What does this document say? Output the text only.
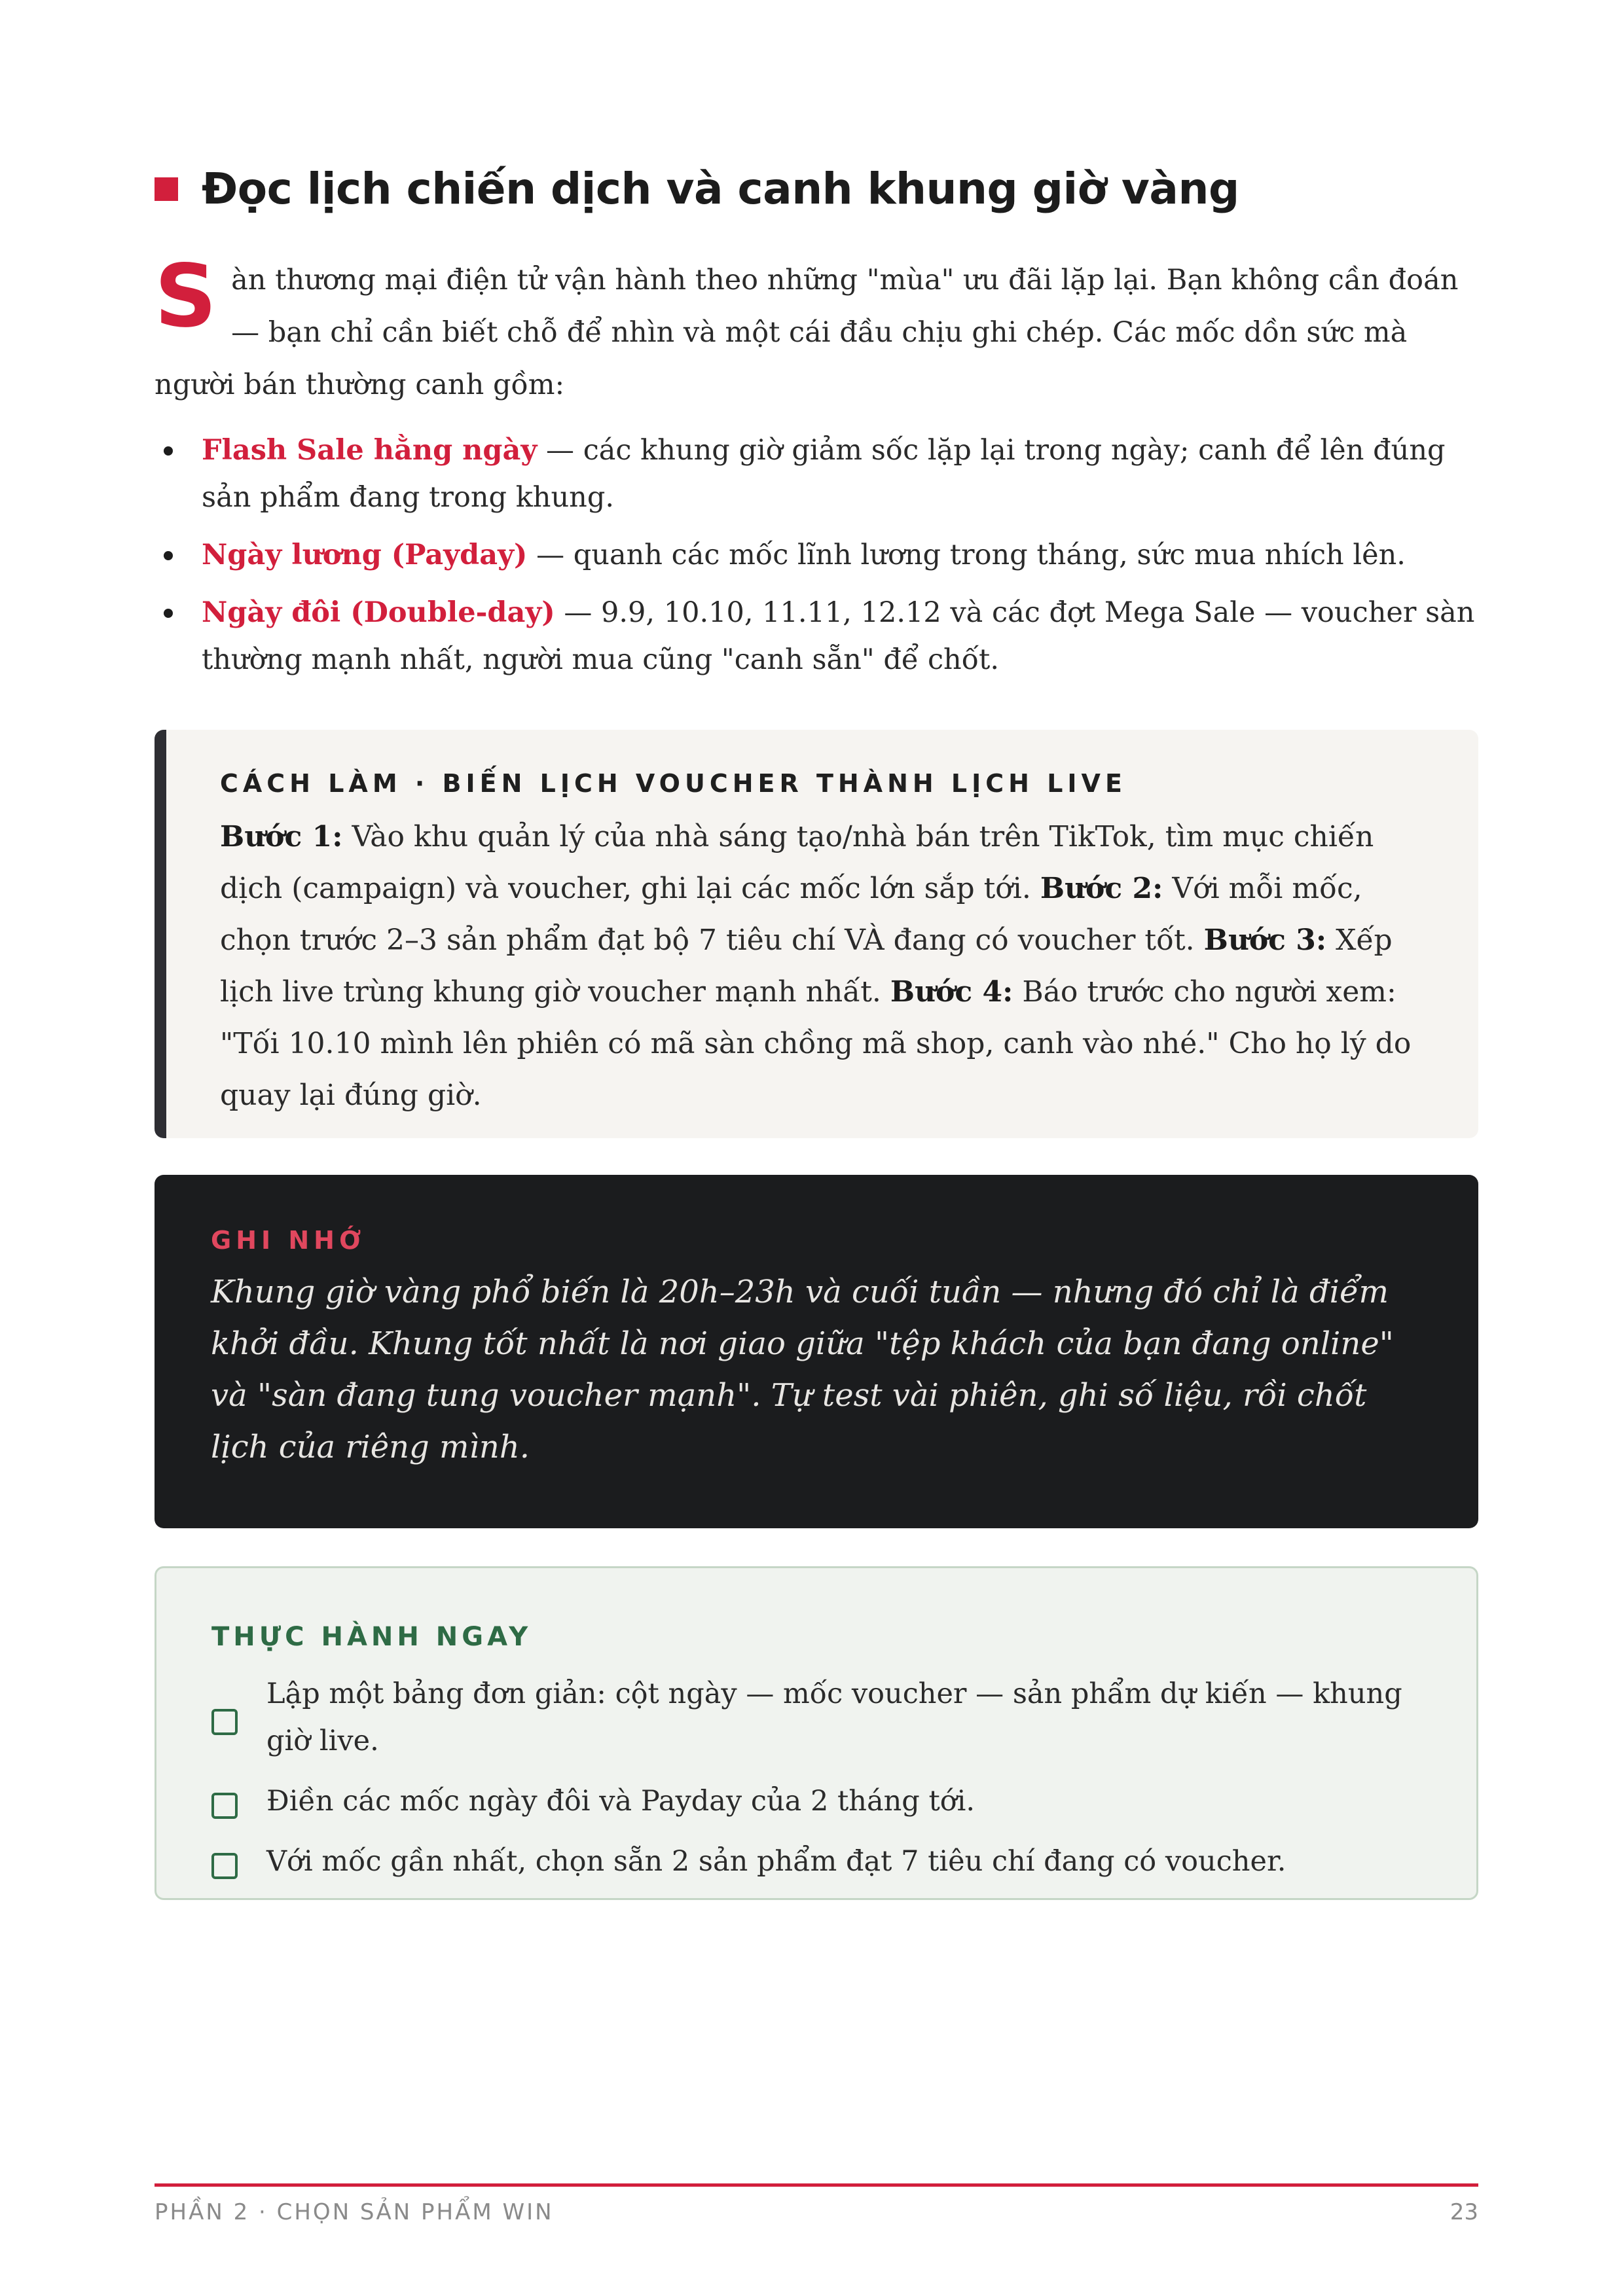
Đọc lịch chiến dịch và canh khung giờ vàng

Sàn thương mại điện tử vận hành theo những "mùa" ưu đãi lặp lại. Bạn không cần đoán — bạn chỉ cần biết chỗ để nhìn và một cái đầu chịu ghi chép. Các mốc dồn sức mà người bán thường canh gồm:

Flash Sale hằng ngày — các khung giờ giảm sốc lặp lại trong ngày; canh để lên đúng sản phẩm đang trong khung.
Ngày lương (Payday) — quanh các mốc lĩnh lương trong tháng, sức mua nhích lên.
Ngày đôi (Double-day) — 9.9, 10.10, 11.11, 12.12 và các đợt Mega Sale — voucher sàn thường mạnh nhất, người mua cũng "canh sẵn" để chốt.
CÁCH LÀM · BIẾN LỊCH VOUCHER THÀNH LỊCH LIVE
Bước 1: Vào khu quản lý của nhà sáng tạo/nhà bán trên TikTok, tìm mục chiến dịch (campaign) và voucher, ghi lại các mốc lớn sắp tới. Bước 2: Với mỗi mốc, chọn trước 2–3 sản phẩm đạt bộ 7 tiêu chí VÀ đang có voucher tốt. Bước 3: Xếp lịch live trùng khung giờ voucher mạnh nhất. Bước 4: Báo trước cho người xem: "Tối 10.10 mình lên phiên có mã sàn chồng mã shop, canh vào nhé." Cho họ lý do quay lại đúng giờ.
GHI NHỚ
Khung giờ vàng phổ biến là 20h–23h và cuối tuần — nhưng đó chỉ là điểm khởi đầu. Khung tốt nhất là nơi giao giữa "tệp khách của bạn đang online" và "sàn đang tung voucher mạnh". Tự test vài phiên, ghi số liệu, rồi chốt lịch của riêng mình.
THỰC HÀNH NGAY
Lập một bảng đơn giản: cột ngày — mốc voucher — sản phẩm dự kiến — khung giờ live.
Điền các mốc ngày đôi và Payday của 2 tháng tới.
Với mốc gần nhất, chọn sẵn 2 sản phẩm đạt 7 tiêu chí đang có voucher.
PHẦN 2 · CHỌN SẢN PHẨM WIN	23
